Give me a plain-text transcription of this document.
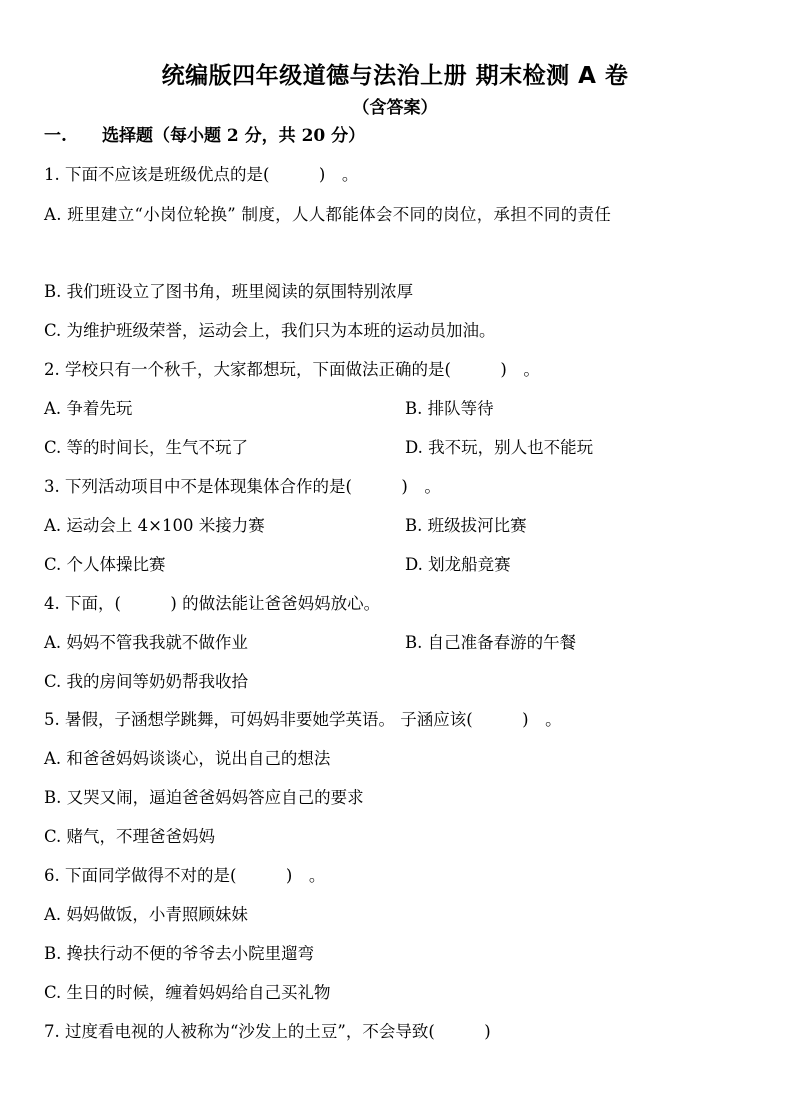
统编版四年级道德与法治上册 期末检测 A 卷
（含答案）
一. 选择题（每小题 2 分，共 20 分）
1. 下面不应该是班级优点的是(　　　)　。
A. 班里建立“小岗位轮换” 制度，人人都能体会不同的岗位，承担不同的责任
B. 我们班设立了图书角，班里阅读的氛围特别浓厚
C. 为维护班级荣誉，运动会上，我们只为本班的运动员加油。
2. 学校只有一个秋千，大家都想玩，下面做法正确的是(　　　)　。
A. 争着先玩	B. 排队等待
C. 等的时间长，生气不玩了	D. 我不玩，别人也不能玩
3. 下列活动项目中不是体现集体合作的是(　　　)　。
A. 运动会上 4×100 米接力赛	B. 班级拔河比赛
C. 个人体操比赛	D. 划龙船竞赛
4. 下面，(　　　) 的做法能让爸爸妈妈放心。
A. 妈妈不管我我就不做作业	B. 自己准备春游的午餐
C. 我的房间等奶奶帮我收拾
5. 暑假，子涵想学跳舞，可妈妈非要她学英语。 子涵应该(　　　)　。
A. 和爸爸妈妈谈谈心，说出自己的想法
B. 又哭又闹，逼迫爸爸妈妈答应自己的要求
C. 赌气，不理爸爸妈妈
6. 下面同学做得不对的是(　　　)　。
A. 妈妈做饭，小青照顾妹妹
B. 搀扶行动不便的爷爷去小院里遛弯
C. 生日的时候，缠着妈妈给自己买礼物
7. 过度看电视的人被称为“沙发上的土豆”，不会导致(　　　)
